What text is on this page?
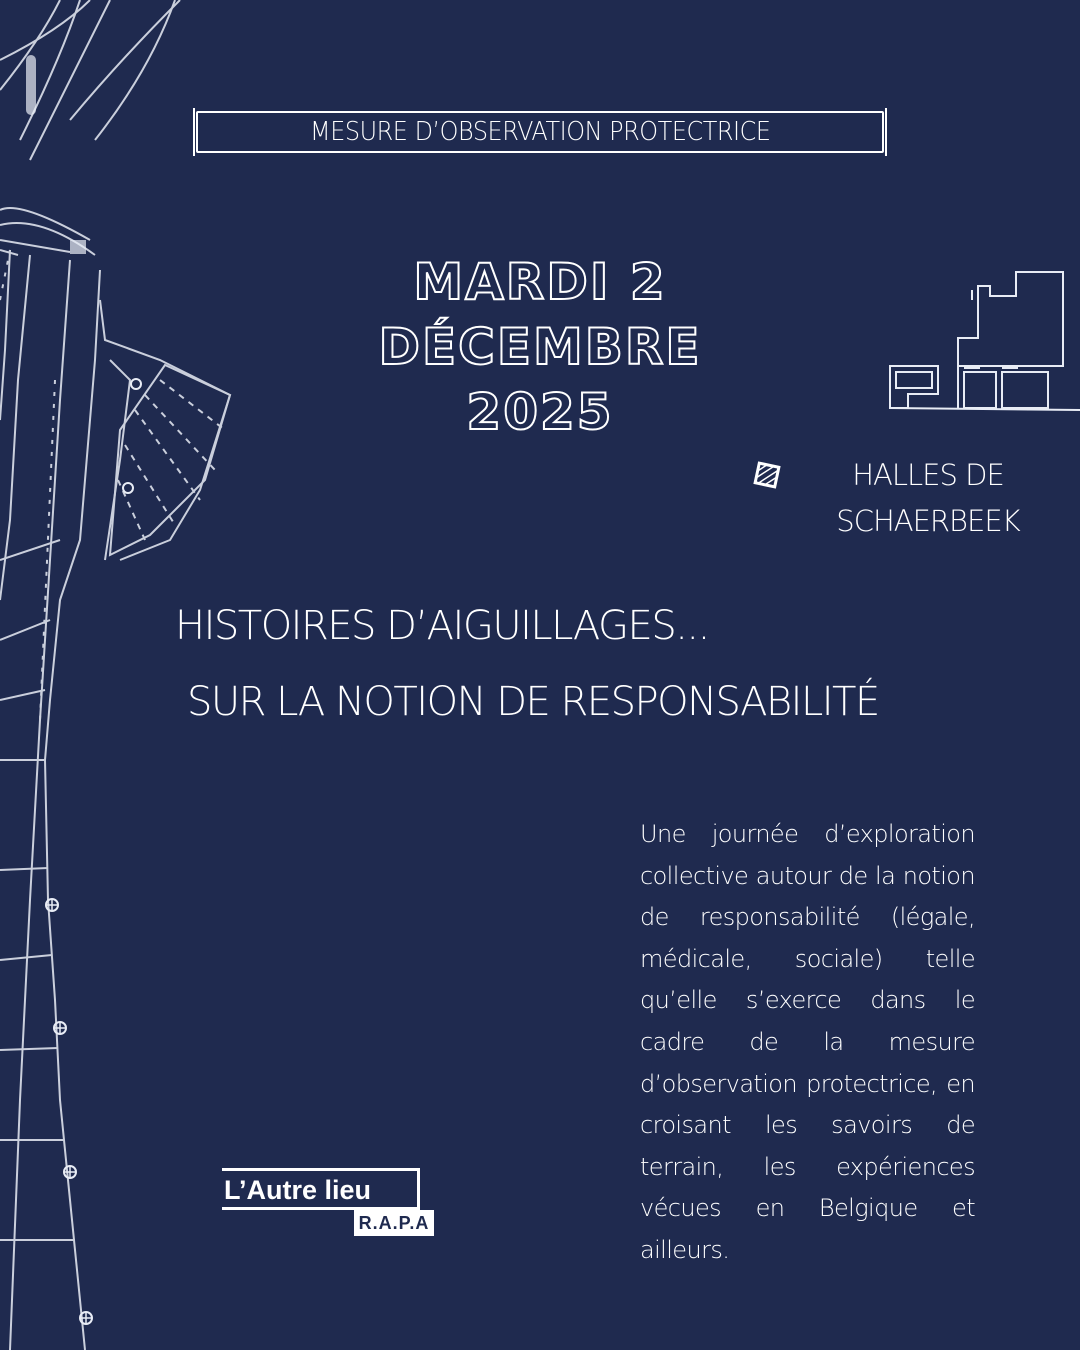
MESURE D’OBSERVATION PROTECTRICE
MARDI 2
DÉCEMBRE
2025
HALLES DE
SCHAERBEEK
HISTOIRES D’AIGUILLAGES...
SUR LA NOTION DE RESPONSABILITÉ
Une journée d’exploration collective autour de la notion de responsabilité (légale, médicale, sociale) telle qu’elle s’exerce dans le cadre de la mesure d’observation protectrice, en croisant les savoirs de terrain, les expériences vécues en Belgique et ailleurs.
L’Autre lieu
R.A.P.A
